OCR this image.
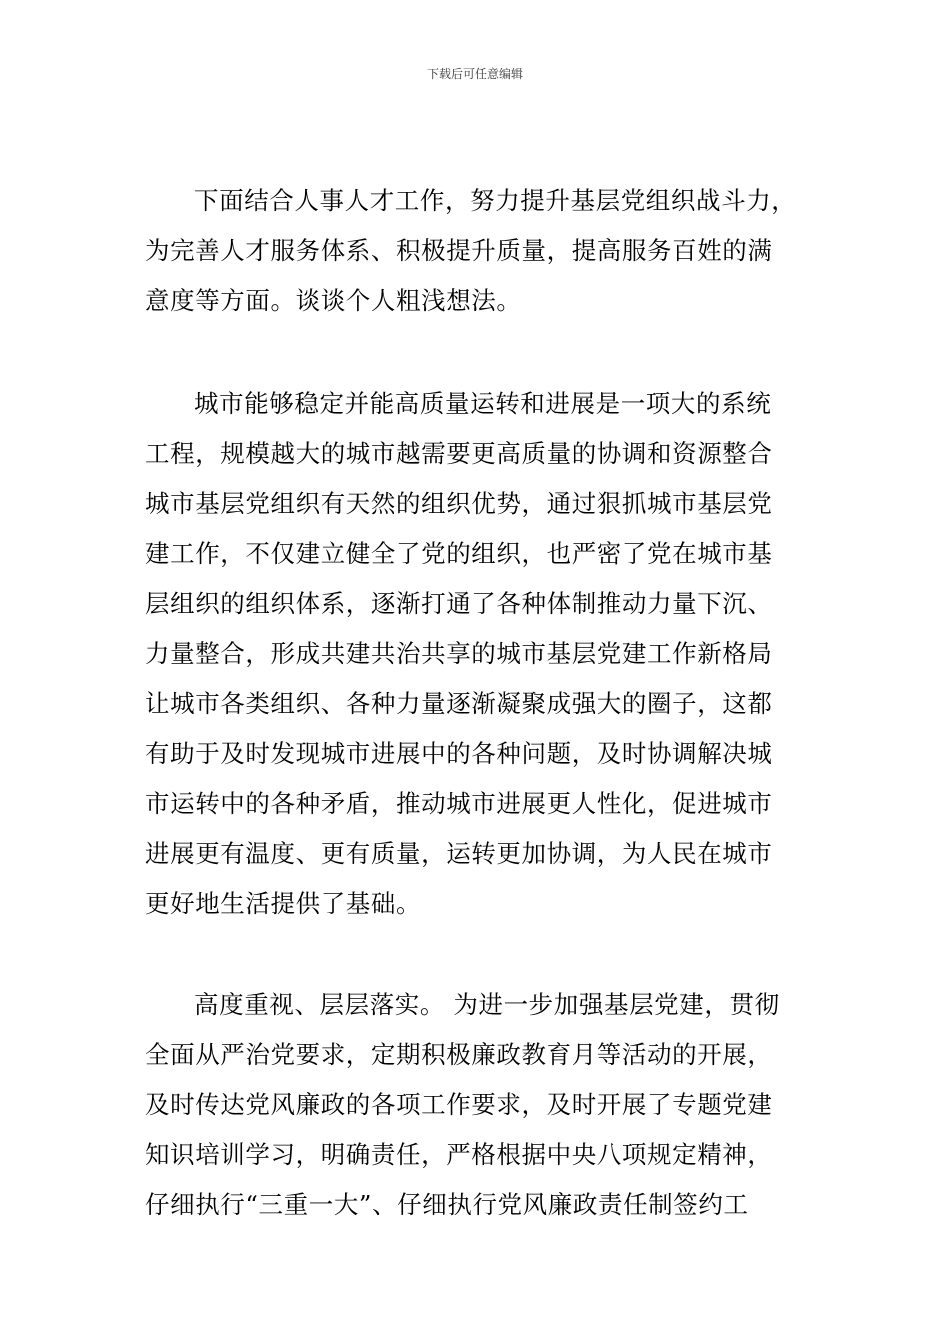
下载后可任意编辑

下面结合人事人才工作，努力提升基层党组织战斗力，
为完善人才服务体系、积极提升质量，提高服务百姓的满
意度等方面。谈谈个人粗浅想法。

城市能够稳定并能高质量运转和进展是一项大的系统
工程，规模越大的城市越需要更高质量的协调和资源整合
城市基层党组织有天然的组织优势，通过狠抓城市基层党
建工作，不仅建立健全了党的组织，也严密了党在城市基
层组织的组织体系，逐渐打通了各种体制推动力量下沉、
力量整合，形成共建共治共享的城市基层党建工作新格局
让城市各类组织、各种力量逐渐凝聚成强大的圈子，这都
有助于及时发现城市进展中的各种问题，及时协调解决城
市运转中的各种矛盾，推动城市进展更人性化，促进城市
进展更有温度、更有质量，运转更加协调，为人民在城市
更好地生活提供了基础。

高度重视、层层落实。 为进一步加强基层党建，贯彻
全面从严治党要求，定期积极廉政教育月等活动的开展，
及时传达党风廉政的各项工作要求，及时开展了专题党建
知识培训学习，明确责任，严格根据中央八项规定精神，
仔细执行“三重一大”、仔细执行党风廉政责任制签约工
